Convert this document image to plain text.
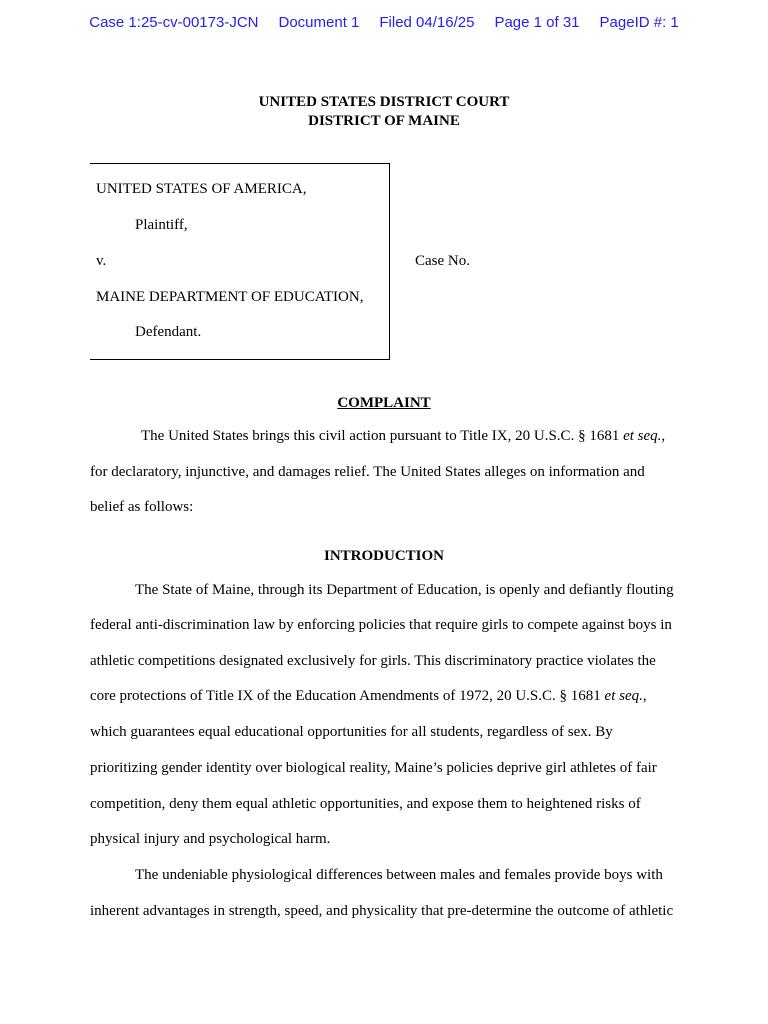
Case 1:25-cv-00173-JCN Document 1 Filed 04/16/25 Page 1 of 31 PageID #: 1
UNITED STATES DISTRICT COURT
DISTRICT OF MAINE
UNITED STATES OF AMERICA,
Plaintiff,
v.
MAINE DEPARTMENT OF EDUCATION,
Defendant.
Case No.
COMPLAINT
The United States brings this civil action pursuant to Title IX, 20 U.S.C. § 1681 et seq.,
for declaratory, injunctive, and damages relief. The United States alleges on information and
belief as follows:
INTRODUCTION
The State of Maine, through its Department of Education, is openly and defiantly flouting
federal anti-discrimination law by enforcing policies that require girls to compete against boys in
athletic competitions designated exclusively for girls. This discriminatory practice violates the
core protections of Title IX of the Education Amendments of 1972, 20 U.S.C. § 1681 et seq.,
which guarantees equal educational opportunities for all students, regardless of sex. By
prioritizing gender identity over biological reality, Maine’s policies deprive girl athletes of fair
competition, deny them equal athletic opportunities, and expose them to heightened risks of
physical injury and psychological harm.
The undeniable physiological differences between males and females provide boys with
inherent advantages in strength, speed, and physicality that pre-determine the outcome of athletic
